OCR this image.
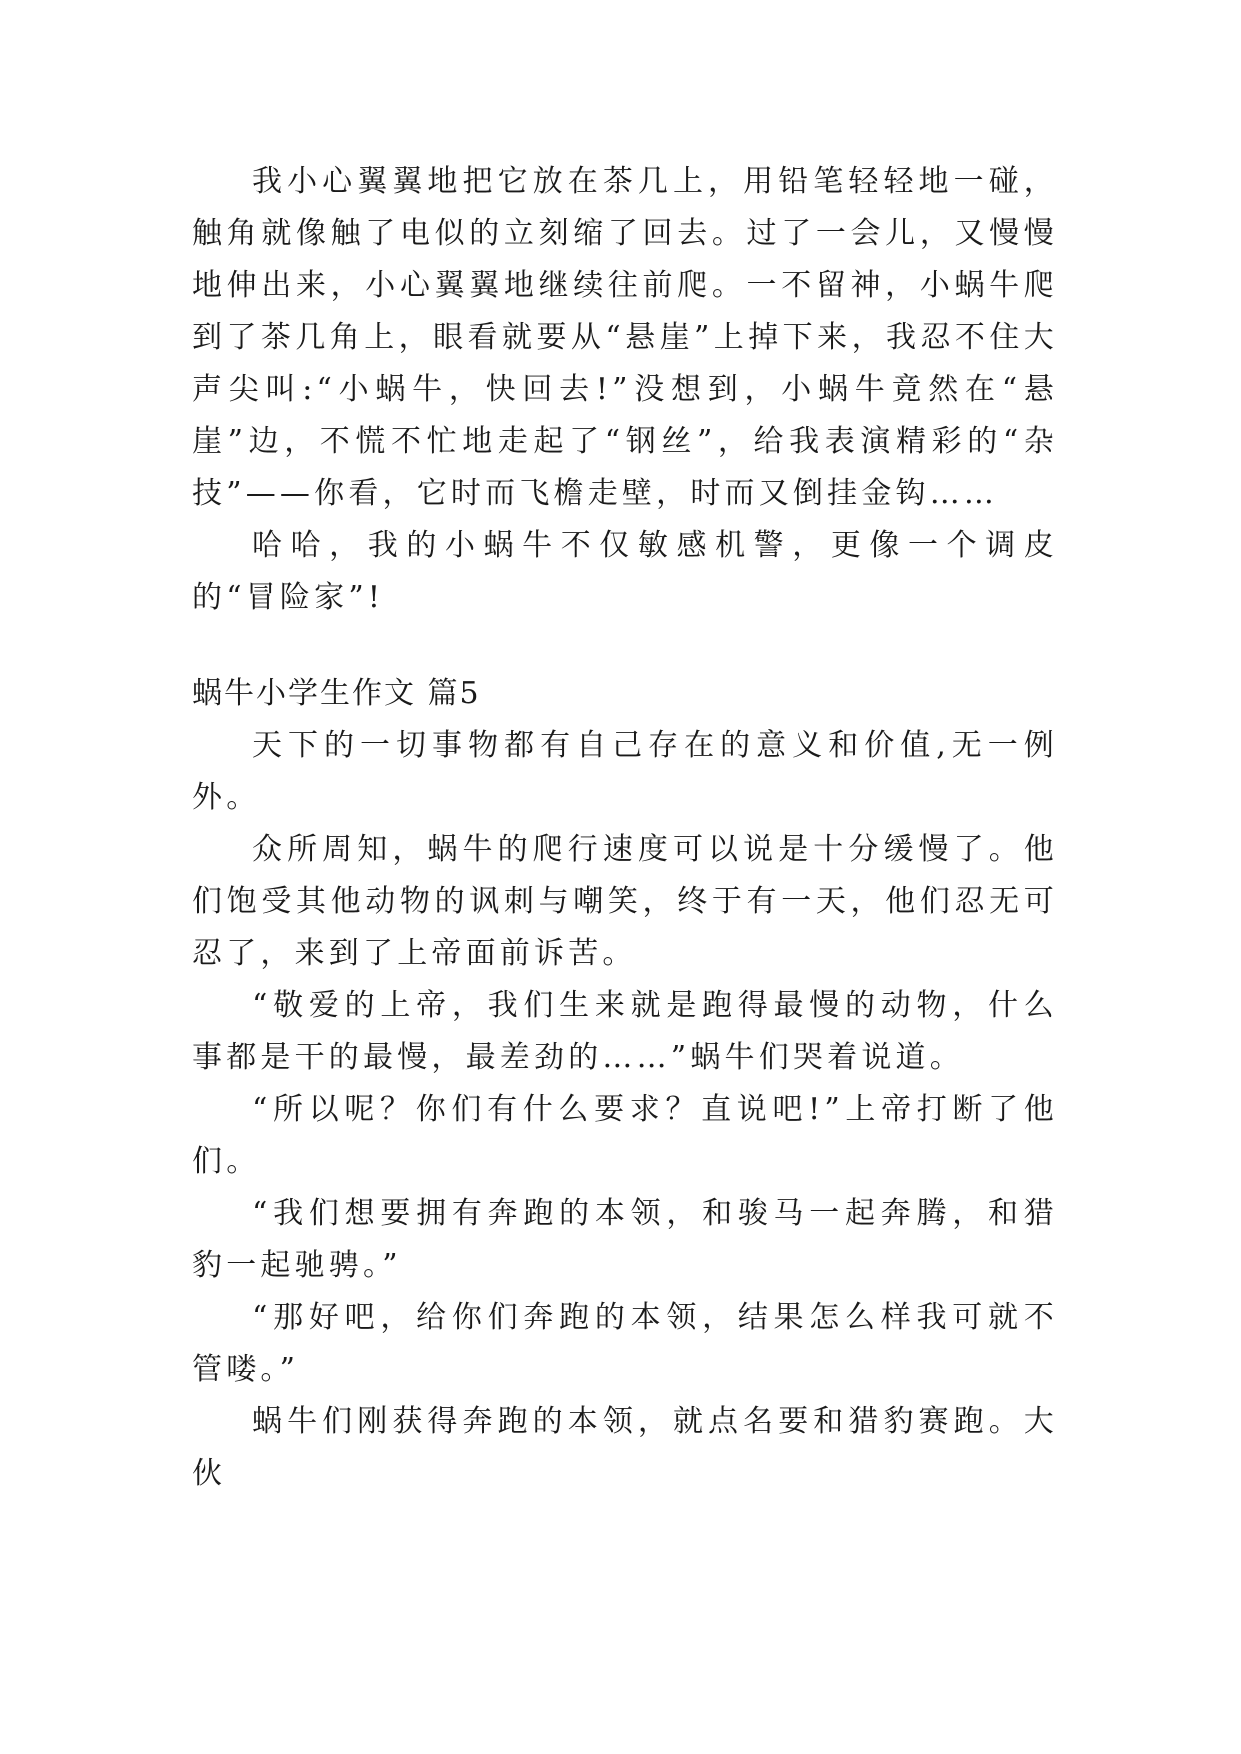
我小心翼翼地把它放在茶几上，用铅笔轻轻地一碰，触角就像触了电似的立刻缩了回去。过了一会儿，又慢慢地伸出来，小心翼翼地继续往前爬。一不留神，小蜗牛爬到了茶几角上，眼看就要从“悬崖”上掉下来，我忍不住大声尖叫:“小蜗牛，快回去!”没想到，小蜗牛竟然在“悬崖”边，不慌不忙地走起了“钢丝”，给我表演精彩的“杂技”——你看，它时而飞檐走壁，时而又倒挂金钩……

哈哈，我的小蜗牛不仅敏感机警，更像一个调皮的“冒险家”!

蜗牛小学生作文 篇5

天下的一切事物都有自己存在的意义和价值,无一例外。

众所周知，蜗牛的爬行速度可以说是十分缓慢了。他们饱受其他动物的讽刺与嘲笑，终于有一天，他们忍无可忍了，来到了上帝面前诉苦。

“敬爱的上帝，我们生来就是跑得最慢的动物，什么事都是干的最慢，最差劲的……”蜗牛们哭着说道。

“所以呢？你们有什么要求？直说吧!”上帝打断了他们。

“我们想要拥有奔跑的本领，和骏马一起奔腾，和猎豹一起驰骋。”

“那好吧，给你们奔跑的本领，结果怎么样我可就不管喽。”

蜗牛们刚获得奔跑的本领，就点名要和猎豹赛跑。大伙
